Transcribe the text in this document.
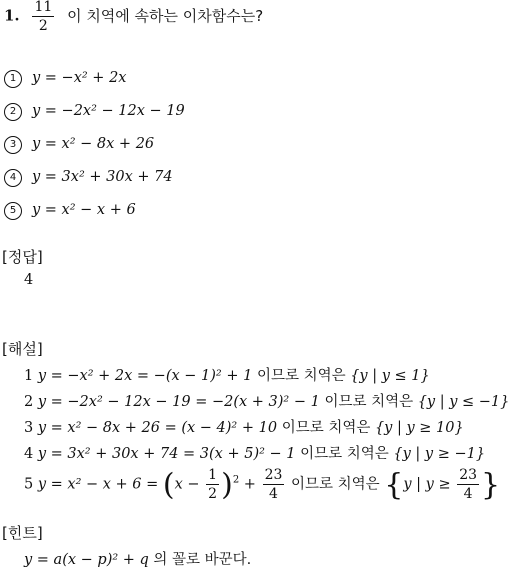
1. $\frac{11}{2}$ 이 치역에 속하는 이차함수는?
1 y = −x² + 2x
2 y = −2x² − 12x − 19
3 y = x² − 8x + 26
4 y = 3x² + 30x + 74
5 y = x² − x + 6
[정답]
4
[해설]
1 y = −x² + 2x = −(x − 1)² + 1 이므로 치역은 {y | y ≤ 1}
2 y = −2x² − 12x − 19 = −2(x + 3)² − 1 이므로 치역은 {y | y ≤ −1}
3 y = x² − 8x + 26 = (x − 4)² + 10 이므로 치역은 {y | y ≥ 10}
4 y = 3x² + 30x + 74 = 3(x + 5)² − 1 이므로 치역은 {y | y ≥ −1}
5 $y = x^2 - x + 6 = (x - \frac{1}{2} )^2 + \frac{23}{4}$ 이므로 치역은 {y | $y \ge \frac{23}{4}$ }
[힌트]
y = a(x − p)² + q 의 꼴로 바꾼다.
